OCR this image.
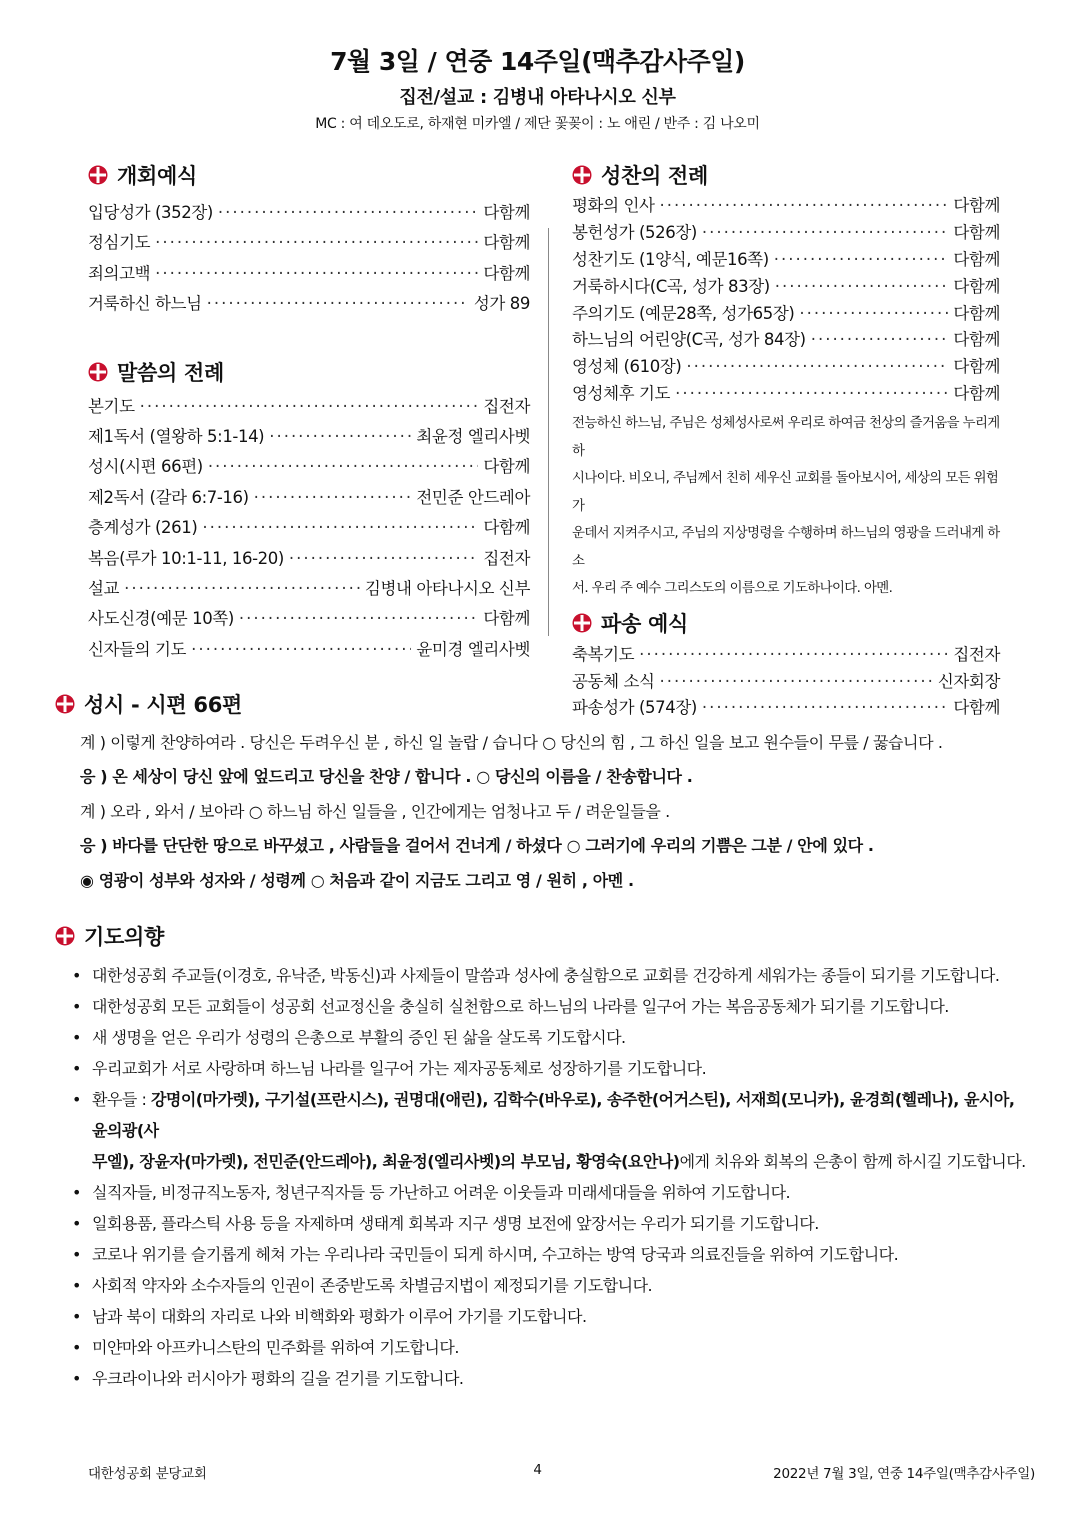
7월 3일 / 연중 14주일(맥추감사주일)
집전/설교 : 김병내 아타나시오 신부
MC : 여 데오도로, 하재현 미카엘 / 제단 꽃꽂이 : 노 애린 / 반주 : 김 나오미
개회예식
입당성가 (352장) ·····	다함께
정심기도 ·····	다함께
죄의고백 ·····	다함께
거룩하신 하느님 ·····	성가 89
말씀의 전례
본기도 ·····	집전자
제1독서 (열왕하 5:1-14) ·····	최윤정 엘리사벳
성시(시편 66편) ·····	다함께
제2독서 (갈라 6:7-16) ·····	전민준 안드레아
층계성가 (261) ·····	다함께
복음(루가 10:1-11, 16-20) ·····	집전자
설교 ·····	김병내 아타나시오 신부
사도신경(예문 10쪽) ·····	다함께
신자들의 기도 ·····	윤미경 엘리사벳
성찬의 전례
평화의 인사 ·····	다함께
봉헌성가 (526장) ·····	다함께
성찬기도 (1양식, 예문16쪽) ·····	다함께
거룩하시다(C곡, 성가 83장) ·····	다함께
주의기도 (예문28쪽, 성가65장) ·····	다함께
하느님의 어린양(C곡, 성가 84장) ·····	다함께
영성체 (610장) ·····	다함께
영성체후 기도 ·····	다함께
전능하신 하느님, 주님은 성체성사로써 우리로 하여금 천상의 즐거움을 누리게 하
시나이다. 비오니, 주님께서 친히 세우신 교회를 돌아보시어, 세상의 모든 위험 가
운데서 지켜주시고, 주님의 지상명령을 수행하며 하느님의 영광을 드러내게 하소
서. 우리 주 예수 그리스도의 이름으로 기도하나이다. 아멘.
파송 예식
축복기도 ·····	집전자
공동체 소식 ·····	신자회장
파송성가 (574장) ·····	다함께
성시 - 시편 66편
계 ) 이렇게 찬양하여라 . 당신은 두려우신 분 , 하신 일 놀랍 / 습니다 ○ 당신의 힘 , 그 하신 일을 보고 원수들이 무릎 / 꿇습니다 .
응 ) 온 세상이 당신 앞에 엎드리고 당신을 찬양 / 합니다 . ○ 당신의 이름을 / 찬송합니다 .
계 ) 오라 , 와서 / 보아라 ○ 하느님 하신 일들을 , 인간에게는 엄청나고 두 / 려운일들을 .
응 ) 바다를 단단한 땅으로 바꾸셨고 , 사람들을 걸어서 건너게 / 하셨다 ○ 그러기에 우리의 기쁨은 그분 / 안에 있다 .
◉ 영광이 성부와 성자와 / 성령께 ○ 처음과 같이 지금도 그리고 영 / 원히 , 아멘 .
기도의향
• 대한성공회 주교들(이경호, 유낙준, 박동신)과 사제들이 말씀과 성사에 충실함으로 교회를 건강하게 세워가는 종들이 되기를 기도합니다.
• 대한성공회 모든 교회들이 성공회 선교정신을 충실히 실천함으로 하느님의 나라를 일구어 가는 복음공동체가 되기를 기도합니다.
• 새 생명을 얻은 우리가 성령의 은총으로 부활의 증인 된 삶을 살도록 기도합시다.
• 우리교회가 서로 사랑하며 하느님 나라를 일구어 가는 제자공동체로 성장하기를 기도합니다.
• 환우들 : 강명이(마가렛), 구기설(프란시스), 권명대(애린), 김학수(바우로), 송주한(어거스틴), 서재희(모니카), 윤경희(헬레나), 윤시아, 윤의광(사
무엘), 장윤자(마가렛), 전민준(안드레아), 최윤정(엘리사벳)의 부모님, 황영숙(요안나)에게 치유와 회복의 은총이 함께 하시길 기도합니다.
• 실직자들, 비정규직노동자, 청년구직자들 등 가난하고 어려운 이웃들과 미래세대들을 위하여 기도합니다.
• 일회용품, 플라스틱 사용 등을 자제하며 생태계 회복과 지구 생명 보전에 앞장서는 우리가 되기를 기도합니다.
• 코로나 위기를 슬기롭게 헤쳐 가는 우리나라 국민들이 되게 하시며, 수고하는 방역 당국과 의료진들을 위하여 기도합니다.
• 사회적 약자와 소수자들의 인권이 존중받도록 차별금지법이 제정되기를 기도합니다.
• 남과 북이 대화의 자리로 나와 비핵화와 평화가 이루어 가기를 기도합니다.
• 미얀마와 아프카니스탄의 민주화를 위하여 기도합니다.
• 우크라이나와 러시아가 평화의 길을 걷기를 기도합니다.
대한성공회 분당교회	4	2022년 7월 3일, 연중 14주일(맥추감사주일)
